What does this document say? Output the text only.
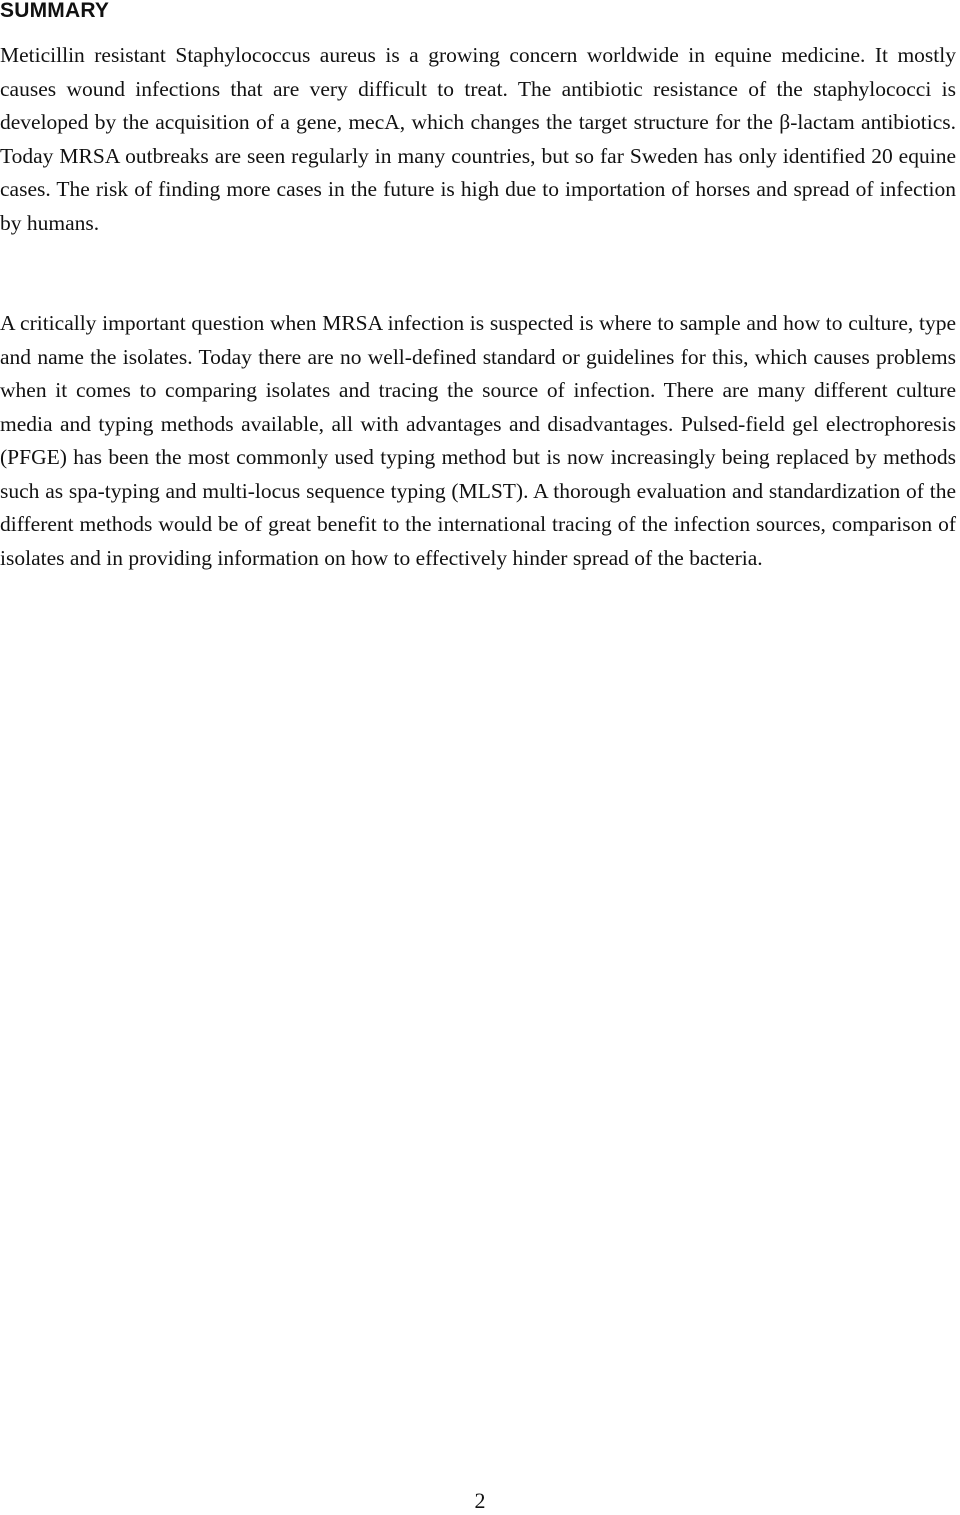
SUMMARY

Meticillin resistant Staphylococcus aureus is a growing concern worldwide in equine medicine. It mostly causes wound infections that are very difficult to treat. The antibiotic resistance of the staphylococci is developed by the acquisition of a gene, mecA, which changes the target structure for the β-lactam antibiotics. Today MRSA outbreaks are seen regularly in many countries, but so far Sweden has only identified 20 equine cases. The risk of finding more cases in the future is high due to importation of horses and spread of infection by humans.

A critically important question when MRSA infection is suspected is where to sample and how to culture, type and name the isolates. Today there are no well-defined standard or guidelines for this, which causes problems when it comes to comparing isolates and tracing the source of infection. There are many different culture media and typing methods available, all with advantages and disadvantages. Pulsed-field gel electrophoresis (PFGE) has been the most commonly used typing method but is now increasingly being replaced by methods such as spa-typing and multi-locus sequence typing (MLST). A thorough evaluation and standardization of the different methods would be of great benefit to the international tracing of the infection sources, comparison of isolates and in providing information on how to effectively hinder spread of the bacteria.

2
